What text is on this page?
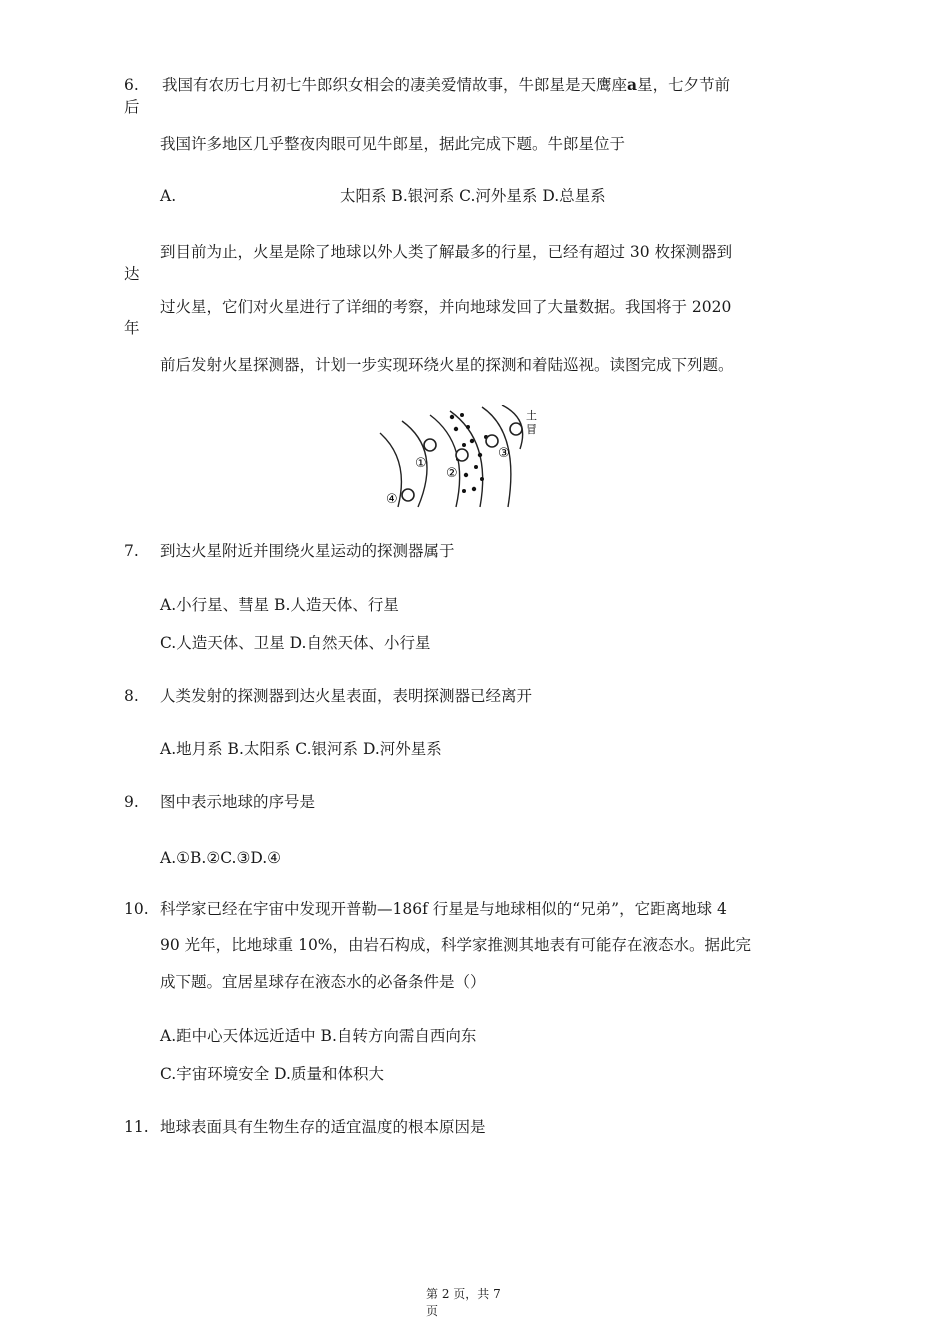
6. 我国有农历七月初七牛郎织女相会的凄美爱情故事，牛郎星是天鹰座a星，七夕节前
后
我国许多地区几乎整夜肉眼可见牛郎星，据此完成下题。牛郎星位于
A.	太阳系 B.银河系 C.河外星系 D.总星系
到目前为止，火星是除了地球以外人类了解最多的行星，已经有超过 30 枚探测器到
达
过火星，它们对火星进行了详细的考察，并向地球发回了大量数据。我国将于 2020
年
前后发射火星探测器，计划一步实现环绕火星的探测和着陆巡视。读图完成下列题。
①
②
③
④
土
冒
7. 到达火星附近并围绕火星运动的探测器属于
A.小行星、彗星 B.人造天体、行星
C.人造天体、卫星 D.自然天体、小行星
8. 人类发射的探测器到达火星表面，表明探测器已经离开
A.地月系 B.太阳系 C.银河系 D.河外星系
9. 图中表示地球的序号是
A.①B.②C.③D.④
10. 科学家已经在宇宙中发现开普勒—186f 行星是与地球相似的“兄弟”，它距离地球 4
90 光年，比地球重 10%，由岩石构成，科学家推测其地表有可能存在液态水。据此完
成下题。宜居星球存在液态水的必备条件是（）
A.距中心天体远近适中 B.自转方向需自西向东
C.宇宙环境安全 D.质量和体积大
11. 地球表面具有生物生存的适宜温度的根本原因是
第 2 页，共 7
页
